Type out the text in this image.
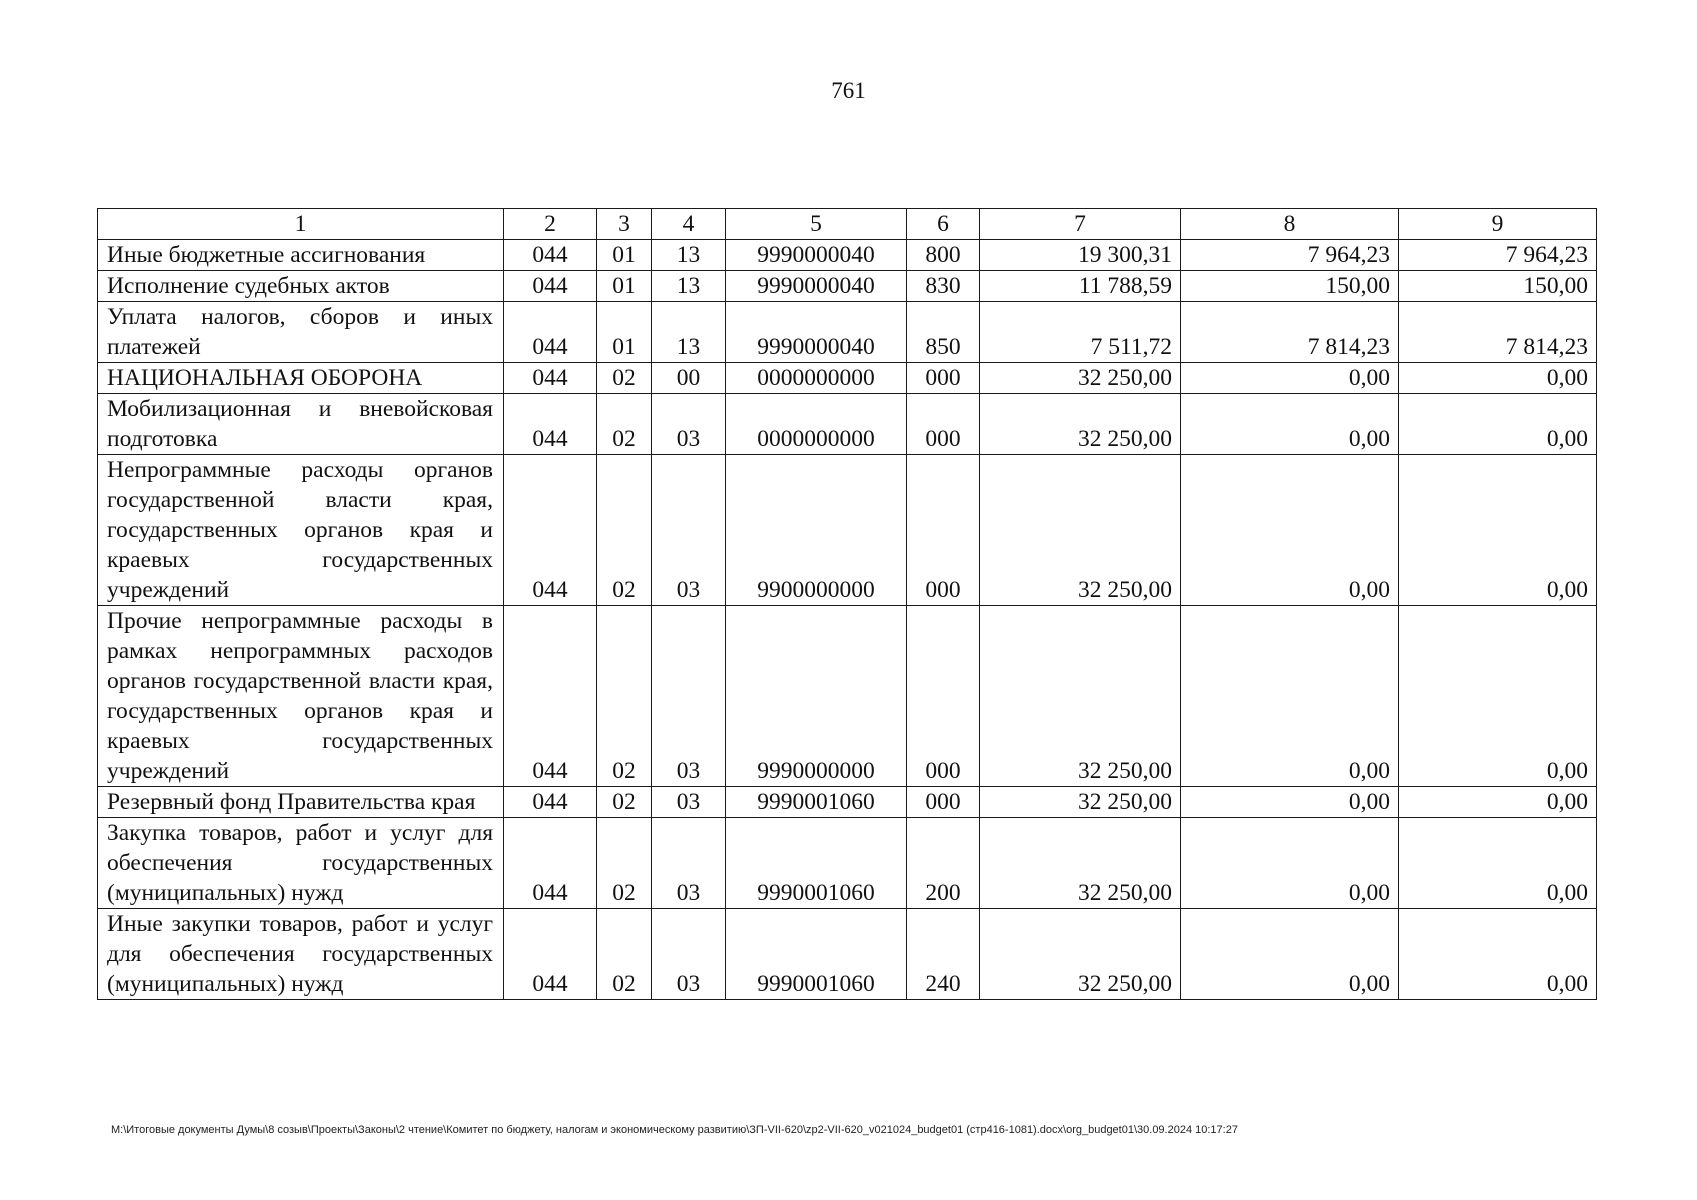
761
1	2	3	4	5	6	7	8	9
Иные бюджетные ассигнования	044	01	13	9990000040	800	19 300,31	7 964,23	7 964,23
Исполнение судебных актов	044	01	13	9990000040	830	11 788,59	150,00	150,00
Уплата налогов, сборов и иных платежей	044	01	13	9990000040	850	7 511,72	7 814,23	7 814,23
НАЦИОНАЛЬНАЯ ОБОРОНА	044	02	00	0000000000	000	32 250,00	0,00	0,00
Мобилизационная и вневойсковая подготовка	044	02	03	0000000000	000	32 250,00	0,00	0,00
Непрограммные расходы органов государственной власти края, государственных органов края и краевых государственных учреждений	044	02	03	9900000000	000	32 250,00	0,00	0,00
Прочие непрограммные расходы в рамках непрограммных расходов органов государственной власти края, государственных органов края и краевых государственных учреждений	044	02	03	9990000000	000	32 250,00	0,00	0,00
Резервный фонд Правительства края	044	02	03	9990001060	000	32 250,00	0,00	0,00
Закупка товаров, работ и услуг для обеспечения государственных (муниципальных) нужд	044	02	03	9990001060	200	32 250,00	0,00	0,00
Иные закупки товаров, работ и услуг для обеспечения государственных (муниципальных) нужд	044	02	03	9990001060	240	32 250,00	0,00	0,00
М:\Итоговые документы Думы\8 созыв\Проекты\Законы\2 чтение\Комитет по бюджету, налогам и экономическому развитию\ЗП-VII-620\zp2-VII-620_v021024_budget01 (стр416-1081).docx\org_budget01\30.09.2024 10:17:27
